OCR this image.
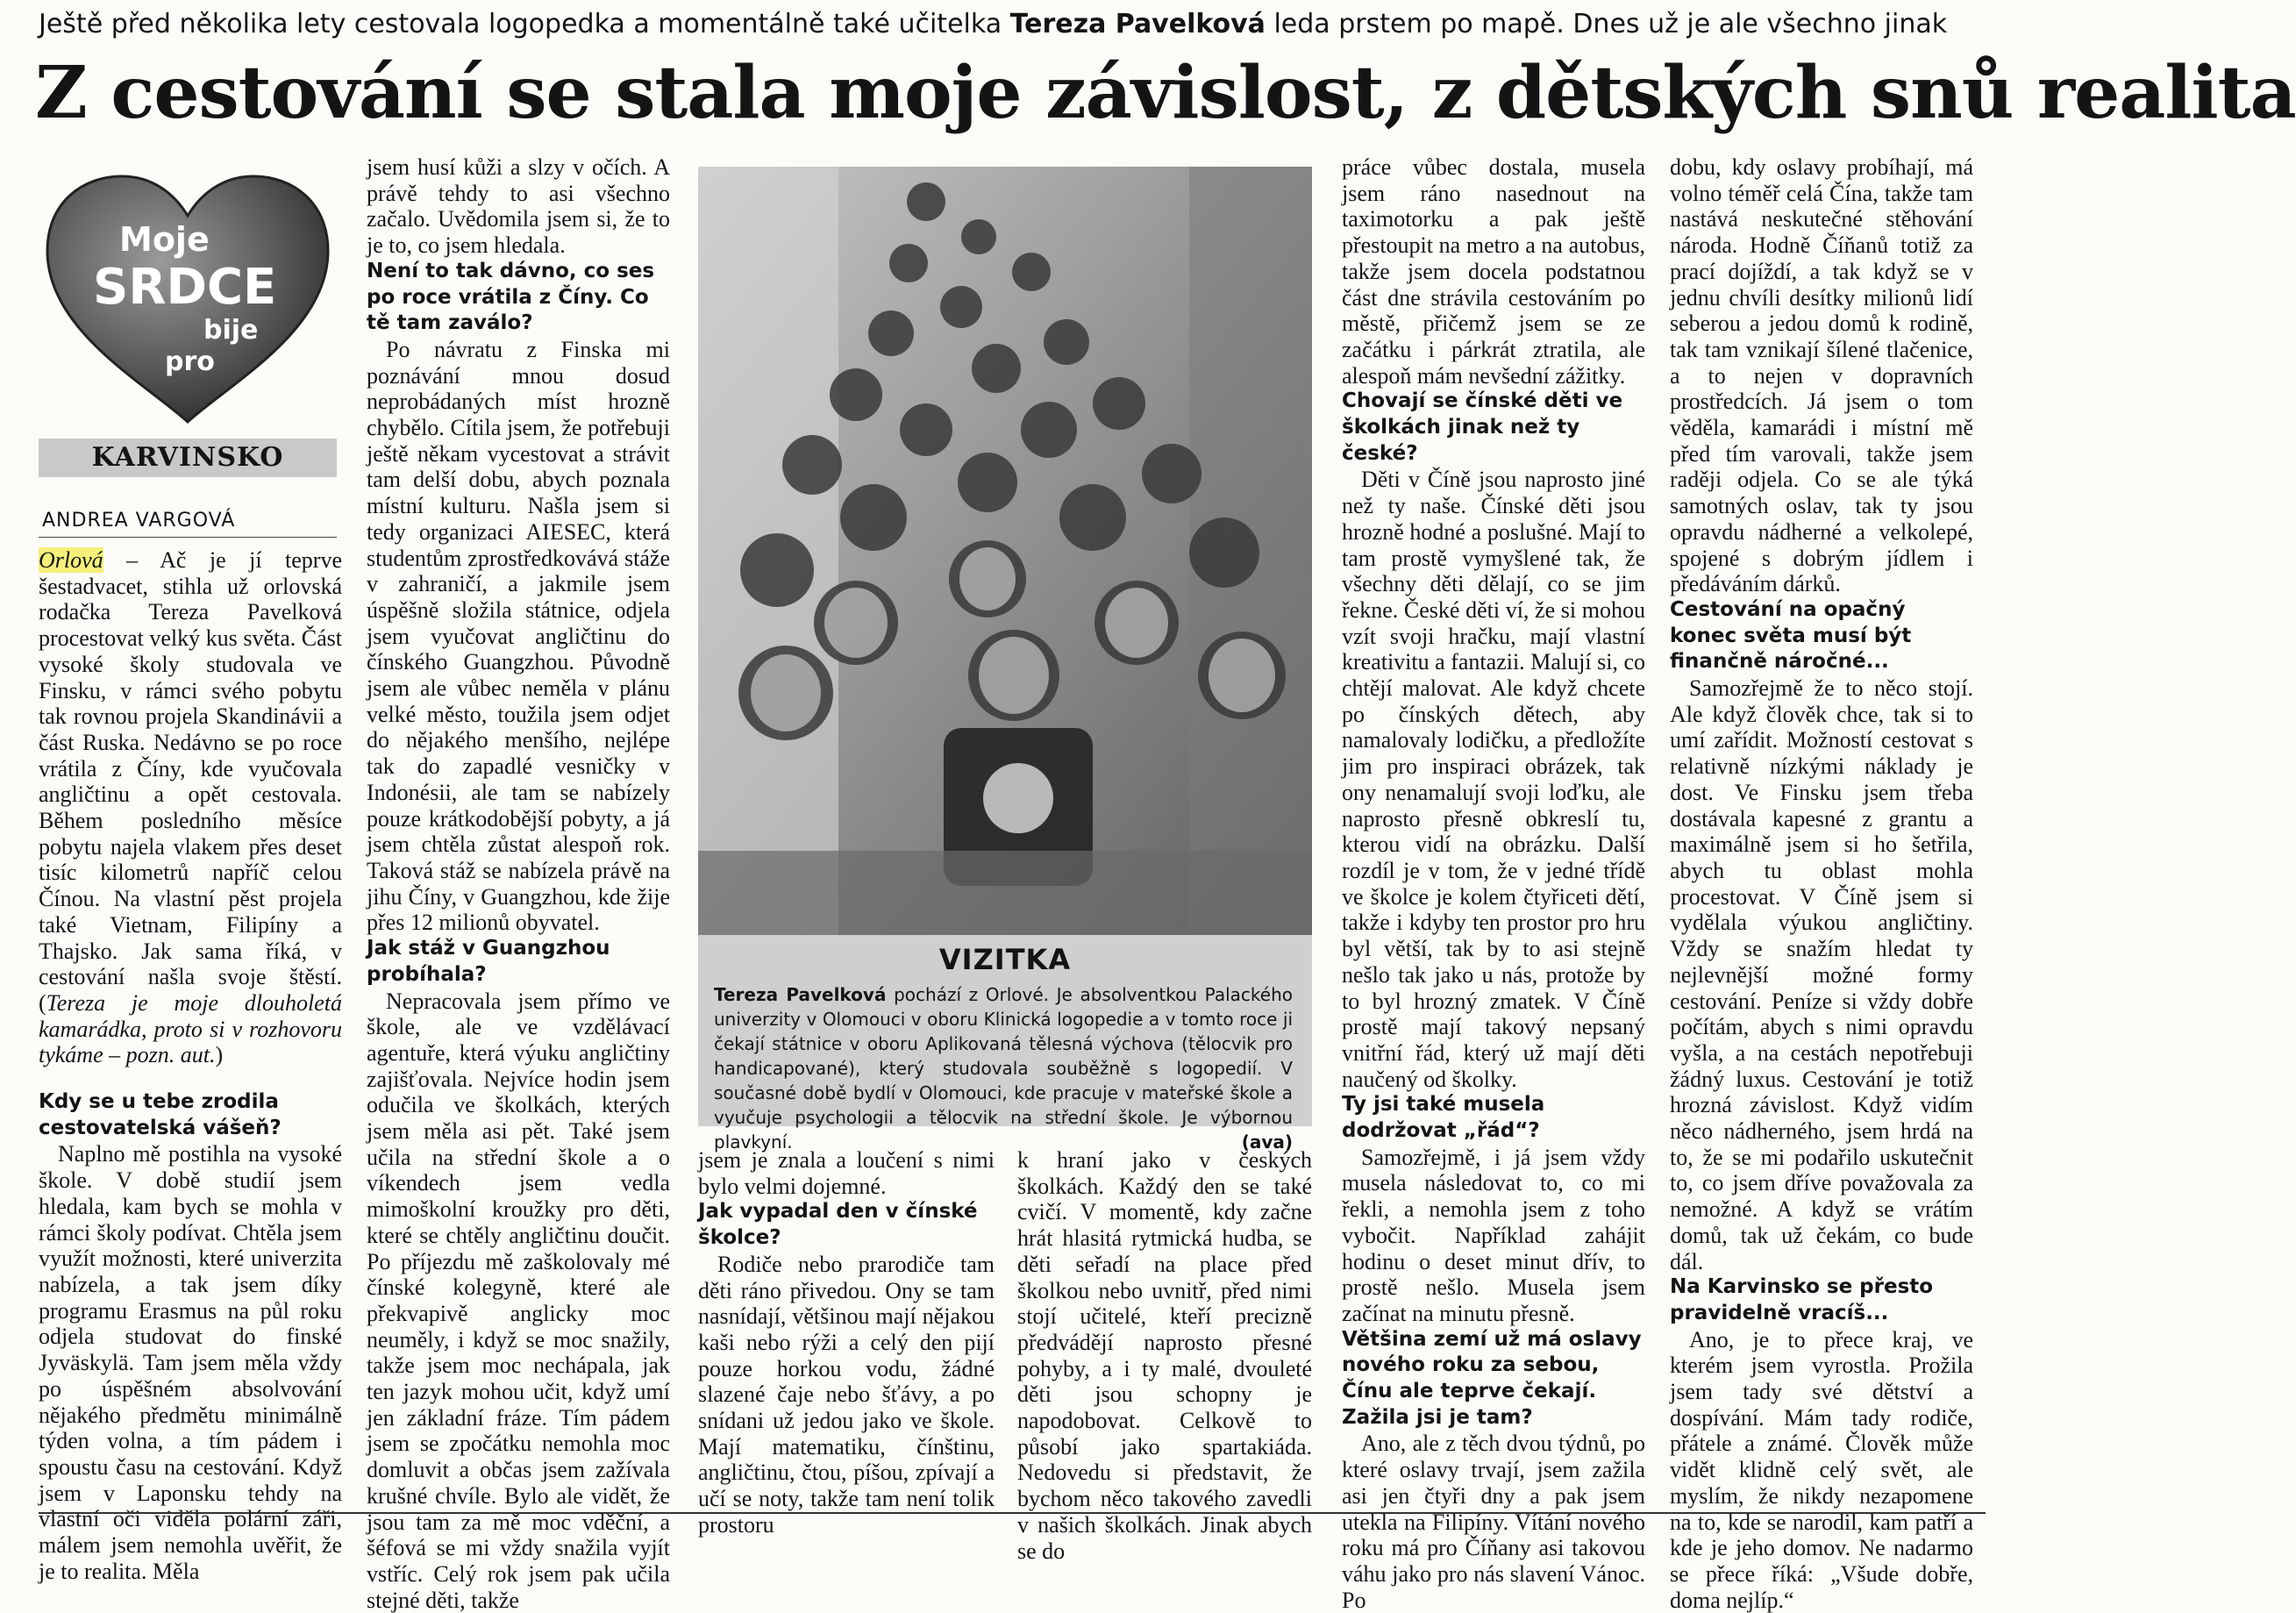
Ještě před několika lety cestovala logopedka a momentálně také učitelka Tereza Pavelková leda prstem po mapě. Dnes už je ale všechno jinak
Z cestování se stala moje závislost, z dětských snů realita
Moje
SRDCE
bije
pro
KARVINSKO
ANDREA VARGOVÁ

Orlová – Ač je jí teprve šestadvacet, stihla už orlovská rodačka Tereza Pavelková procestovat velký kus světa. Část vysoké školy studovala ve Finsku, v rámci svého pobytu tak rovnou projela Skandinávii a část Ruska. Nedávno se po roce vrátila z Číny, kde vyučovala angličtinu a opět cestovala. Během posledního měsíce pobytu najela vlakem přes deset tisíc kilometrů napříč celou Čínou. Na vlastní pěst projela také Vietnam, Filipíny a Thajsko. Jak sama říká, v cestování našla svoje štěstí. (Tereza je moje dlouholetá kamarádka, proto si v rozhovoru tykáme – pozn. aut.)

Kdy se u tebe zrodila cestovatelská vášeň?

Naplno mě postihla na vysoké škole. V době studií jsem hledala, kam bych se mohla v rámci školy podívat. Chtěla jsem využít možnosti, které univerzita nabízela, a tak jsem díky programu Erasmus na půl roku odjela studovat do finské Jyväskylä. Tam jsem měla vždy po úspěšném absolvování nějakého předmětu minimálně týden volna, a tím pádem i spoustu času na cestování. Když jsem v Laponsku tehdy na vlastní oči viděla polární záři, málem jsem nemohla uvěřit, že je to realita. Měla

jsem husí kůži a slzy v očích. A právě tehdy to asi všechno začalo. Uvědomila jsem si, že to je to, co jsem hledala.

Není to tak dávno, co ses po roce vrátila z Číny. Co tě tam zaválo?

Po návratu z Finska mi poznávání mnou dosud neprobádaných míst hrozně chybělo. Cítila jsem, že potřebuji ještě někam vycestovat a strávit tam delší dobu, abych poznala místní kulturu. Našla jsem si tedy organizaci AIESEC, která studentům zprostředkovává stáže v zahraničí, a jakmile jsem úspěšně složila státnice, odjela jsem vyučovat angličtinu do čínského Guangzhou. Původně jsem ale vůbec neměla v plánu velké město, toužila jsem odjet do nějakého menšího, nejlépe tak do zapadlé vesničky v Indonésii, ale tam se nabízely pouze krátkodobější pobyty, a já jsem chtěla zůstat alespoň rok. Taková stáž se nabízela právě na jihu Číny, v Guangzhou, kde žije přes 12 milionů obyvatel.

Jak stáž v Guangzhou probíhala?

Nepracovala jsem přímo ve škole, ale ve vzdělávací agentuře, která výuku angličtiny zajišťovala. Nejvíce hodin jsem odučila ve školkách, kterých jsem měla asi pět. Také jsem učila na střední škole a o víkendech jsem vedla mimoškolní kroužky pro děti, které se chtěly angličtinu doučit. Po příjezdu mě zaškolovaly mé čínské kolegyně, které ale překvapivě anglicky moc neuměly, i když se moc snažily, takže jsem moc nechápala, jak ten jazyk mohou učit, když umí jen základní fráze. Tím pádem jsem se zpočátku nemohla moc domluvit a občas jsem zažívala krušné chvíle. Bylo ale vidět, že jsou tam za mě moc vděční, a šéfová se mi vždy snažila vyjít vstříc. Celý rok jsem pak učila stejné děti, takže

VIZITKA
Tereza Pavelková pochází z Orlové. Je absolventkou Palackého univerzity v Olomouci v oboru Klinická logopedie a v tomto roce ji čekají státnice v oboru Aplikovaná tělesná výchova (tělocvik pro handicapované), který studovala souběžně s logopedií. V současné době bydlí v Olomouci, kde pracuje v mateřské škole a vyučuje psychologii a tělocvik na střední škole. Je výbornou plavkyní.	(ava)

jsem je znala a loučení s nimi bylo velmi dojemné.

Jak vypadal den v čínské školce?

Rodiče nebo prarodiče tam děti ráno přivedou. Ony se tam nasnídají, většinou mají nějakou kaši nebo rýži a celý den pijí pouze horkou vodu, žádné slazené čaje nebo šťávy, a po snídani už jedou jako ve škole. Mají matematiku, čínštinu, angličtinu, čtou, píšou, zpívají a učí se noty, takže tam není tolik prostoru

k hraní jako v českých školkách. Každý den se také cvičí. V momentě, kdy začne hrát hlasitá rytmická hudba, se děti seřadí na place před školkou nebo uvnitř, před nimi stojí učitelé, kteří precizně předvádějí naprosto přesné pohyby, a i ty malé, dvouleté děti jsou schopny je napodobovat. Celkově to působí jako spartakiáda. Nedovedu si představit, že bychom něco takového zavedli v našich školkách. Jinak abych se do

práce vůbec dostala, musela jsem ráno nasednout na taximotorku a pak ještě přestoupit na metro a na autobus, takže jsem docela podstatnou část dne strávila cestováním po městě, přičemž jsem se ze začátku i párkrát ztratila, ale alespoň mám nevšední zážitky.

Chovají se čínské děti ve školkách jinak než ty české?

Děti v Číně jsou naprosto jiné než ty naše. Čínské děti jsou hrozně hodné a poslušné. Mají to tam prostě vymyšlené tak, že všechny děti dělají, co se jim řekne. České děti ví, že si mohou vzít svoji hračku, mají vlastní kreativitu a fantazii. Malují si, co chtějí malovat. Ale když chcete po čínských dětech, aby namalovaly lodičku, a předložíte jim pro inspiraci obrázek, tak ony nenamalují svoji loďku, ale naprosto přesně obkreslí tu, kterou vidí na obrázku. Další rozdíl je v tom, že v jedné třídě ve školce je kolem čtyřiceti dětí, takže i kdyby ten prostor pro hru byl větší, tak by to asi stejně nešlo tak jako u nás, protože by to byl hrozný zmatek. V Číně prostě mají takový nepsaný vnitřní řád, který už mají děti naučený od školky.

Ty jsi také musela dodržovat „řád“?

Samozřejmě, i já jsem vždy musela následovat to, co mi řekli, a nemohla jsem z toho vybočit. Například zahájit hodinu o deset minut dřív, to prostě nešlo. Musela jsem začínat na minutu přesně.

Většina zemí už má oslavy nového roku za sebou, Čínu ale teprve čekají. Zažila jsi je tam?

Ano, ale z těch dvou týdnů, po které oslavy trvají, jsem zažila asi jen čtyři dny a pak jsem utekla na Filipíny. Vítání nového roku má pro Číňany asi takovou váhu jako pro nás slavení Vánoc. Po

dobu, kdy oslavy probíhají, má volno téměř celá Čína, takže tam nastává neskutečné stěhování národa. Hodně Číňanů totiž za prací dojíždí, a tak když se v jednu chvíli desítky milionů lidí seberou a jedou domů k rodině, tak tam vznikají šílené tlačenice, a to nejen v dopravních prostředcích. Já jsem o tom věděla, kamarádi i místní mě před tím varovali, takže jsem raději odjela. Co se ale týká samotných oslav, tak ty jsou opravdu nádherné a velkolepé, spojené s dobrým jídlem i předáváním dárků.

Cestování na opačný konec světa musí být finančně náročné...

Samozřejmě že to něco stojí. Ale když člověk chce, tak si to umí zařídit. Možností cestovat s relativně nízkými náklady je dost. Ve Finsku jsem třeba dostávala kapesné z grantu a maximálně jsem si ho šetřila, abych tu oblast mohla procestovat. V Číně jsem si vydělala výukou angličtiny. Vždy se snažím hledat ty nejlevnější možné formy cestování. Peníze si vždy dobře počítám, abych s nimi opravdu vyšla, a na cestách nepotřebuji žádný luxus. Cestování je totiž hrozná závislost. Když vidím něco nádherného, jsem hrdá na to, že se mi podařilo uskutečnit to, co jsem dříve považovala za nemožné. A když se vrátím domů, tak už čekám, co bude dál.

Na Karvinsko se přesto pravidelně vracíš...

Ano, je to přece kraj, ve kterém jsem vyrostla. Prožila jsem tady své dětství a dospívání. Mám tady rodiče, přátele a známé. Člověk může vidět klidně celý svět, ale myslím, že nikdy nezapomene na to, kde se narodil, kam patří a kde je jeho domov. Ne nadarmo se přece říká: „Všude dobře, doma nejlíp.“
